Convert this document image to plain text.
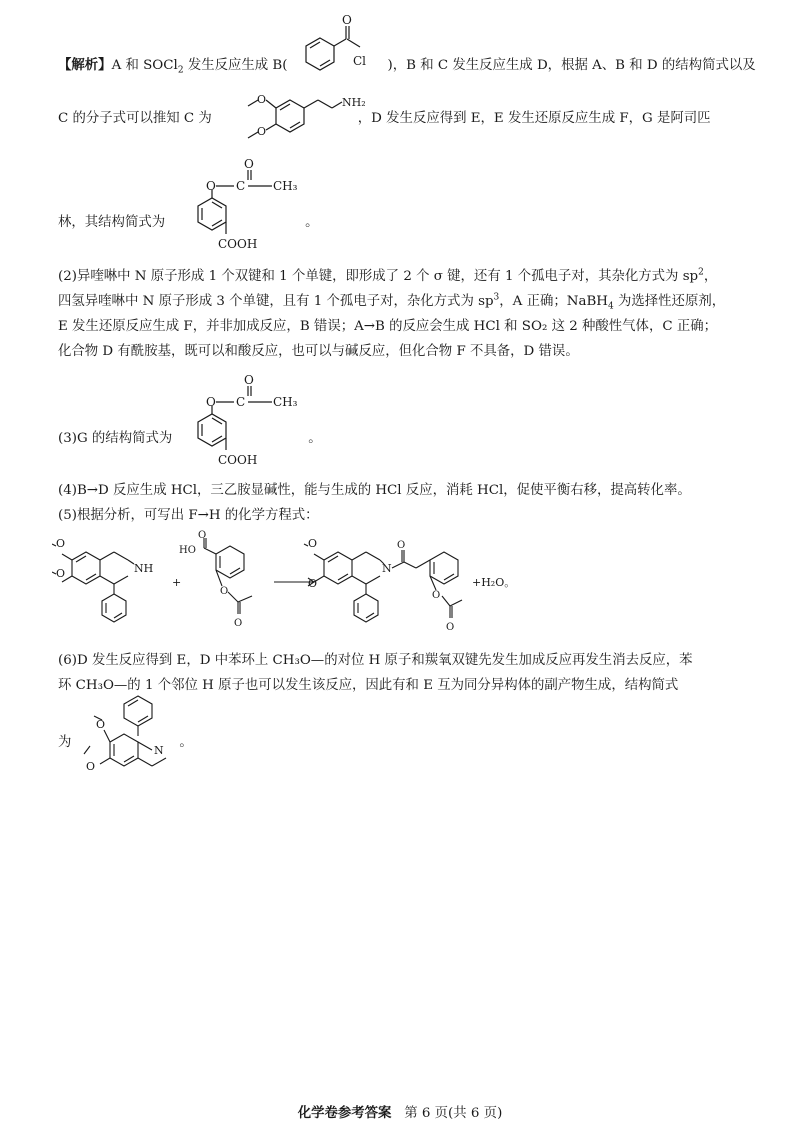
【解析】A 和 SOCl$_2$ 发生反应生成 B(	)，B 和 C 发生反应生成 D，根据 A、B 和 D 的结构简式以及
O
Cl
C 的分子式可以推知 C 为	，D 发生反应得到 E，E 发生还原反应生成 F，G 是阿司匹
O
O
NH₂
林，其结构简式为	。
O C
O
CH₃
COOH
(2)异喹啉中 N 原子形成 1 个双键和 1 个单键，即形成了 2 个 σ 键，还有 1 个孤电子对，其杂化方式为 $sp^2$，
四氢异喹啉中 N 原子形成 3 个单键，且有 1 个孤电子对，杂化方式为 $sp^3$，A 正确；NaBH$_4$ 为选择性还原剂，
E 发生还原反应生成 F，并非加成反应，B 错误；A→B 的反应会生成 HCl 和 SO₂ 这 2 种酸性气体，C 正确；
化合物 D 有酰胺基，既可以和酸反应，也可以与碱反应，但化合物 F 不具备，D 错误。
(3)G 的结构简式为	。
O C
O
CH₃
COOH
(4)B→D 反应生成 HCl，三乙胺显碱性，能与生成的 HCl 反应，消耗 HCl，促使平衡右移，提高转化率。
(5)根据分析，可写出 F→H 的化学方程式：
O
O	NH
+
HO
O
O
O
O
O
N
O
O
O
+H₂O。
(6)D 发生反应得到 E，D 中苯环上 CH₃O—的对位 H 原子和羰氧双键先发生加成反应再发生消去反应，苯
环 CH₃O—的 1 个邻位 H 原子也可以发生该反应，因此有和 E 互为同分异构体的副产物生成，结构简式
为	。
O
O
N
化学卷参考答案 第 6 页(共 6 页)
